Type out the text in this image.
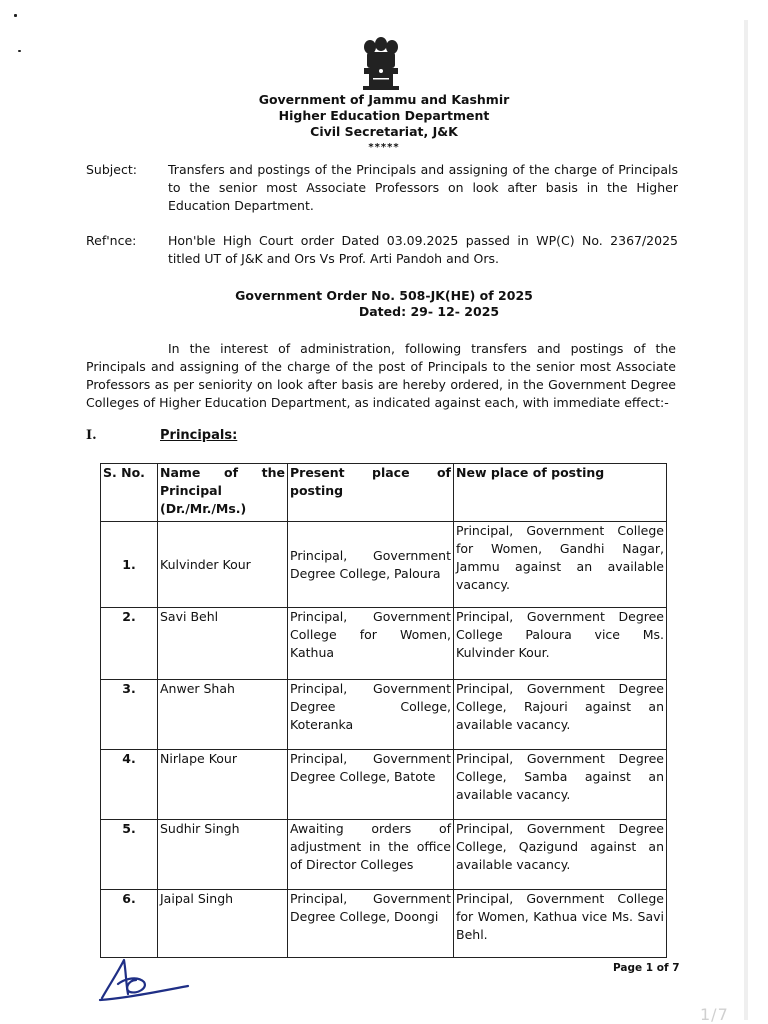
Government of Jammu and Kashmir
Higher Education Department
Civil Secretariat, J&K
*****
Subject: Transfers and postings of the Principals and assigning of the charge of Principals to the senior most Associate Professors on look after basis in the Higher Education Department.
Ref'nce:	Hon'ble High Court order Dated 03.09.2025 passed in WP(C) No. 2367/2025 titled UT of J&K and Ors Vs Prof. Arti Pandoh and Ors.
Government Order No. 508-JK(HE) of 2025
Dated: 29- 12- 2025
In the interest of administration, following transfers and postings of the Principals and assigning of the charge of the post of Principals to the senior most Associate Professors as per seniority on look after basis are hereby ordered, in the Government Degree Colleges of Higher Education Department, as indicated against each, with immediate effect:-
I.	Principals:
S. No.	Name of the Principal (Dr./Mr./Ms.)	Present place of posting	New place of posting
1.	Kulvinder Kour	Principal, Government Degree College, Paloura	Principal, Government College for Women, Gandhi Nagar, Jammu against an available vacancy.
2.	Savi Behl	Principal, Government College for Women, Kathua	Principal, Government Degree College Paloura vice Ms. Kulvinder Kour.
3.	Anwer Shah	Principal, Government Degree College, Koteranka	Principal, Government Degree College, Rajouri against an available vacancy.
4.	Nirlape Kour	Principal, Government Degree College, Batote	Principal, Government Degree College, Samba against an available vacancy.
5.	Sudhir Singh	Awaiting orders of adjustment in the office of Director Colleges	Principal, Government Degree College, Qazigund against an available vacancy.
6.	Jaipal Singh	Principal, Government Degree College, Doongi	Principal, Government College for Women, Kathua vice Ms. Savi Behl.
Page 1 of 7
1/7
